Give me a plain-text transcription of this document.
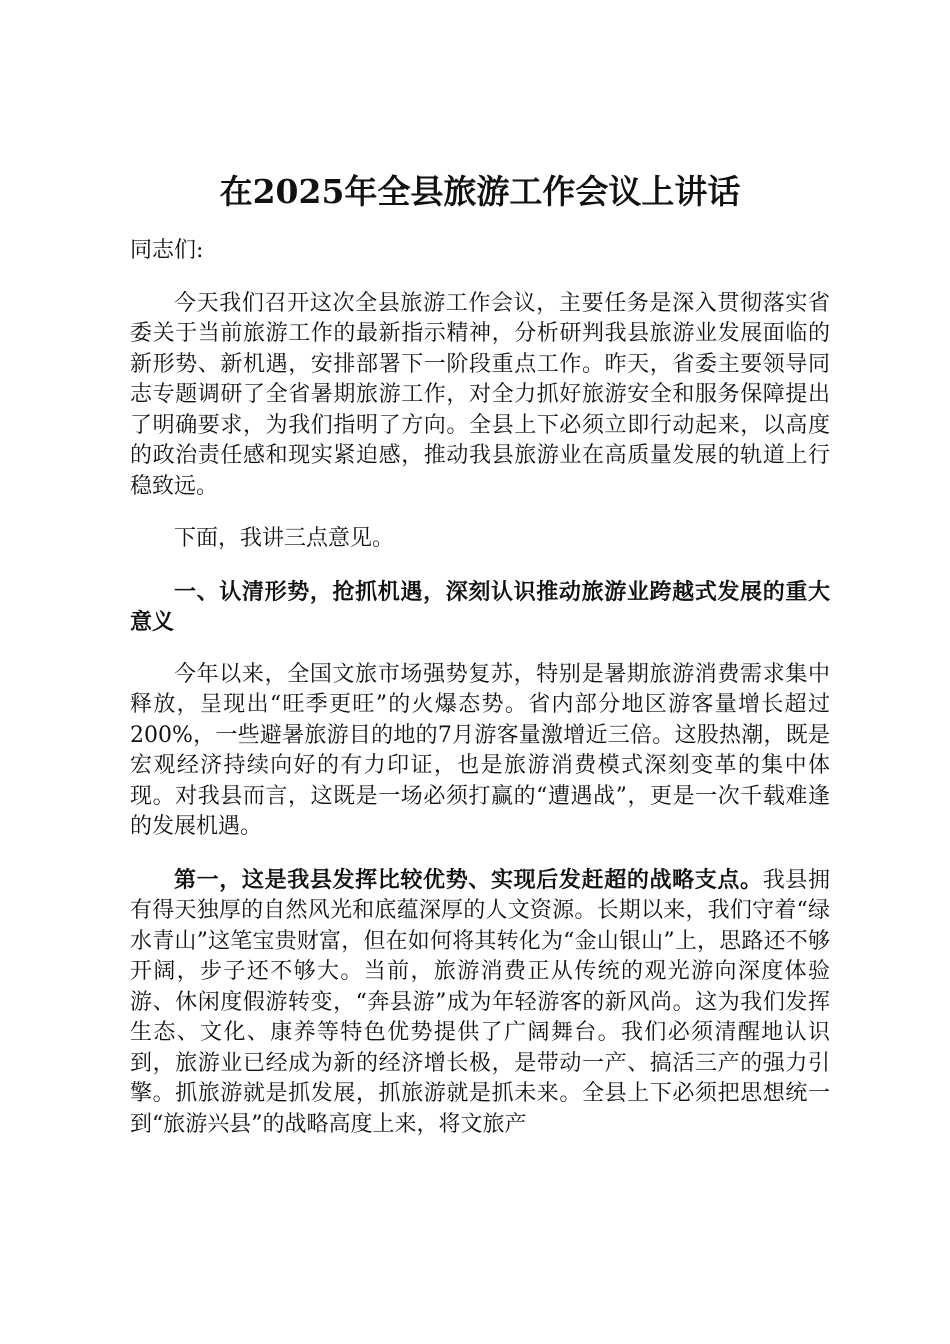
在2025年全县旅游工作会议上讲话

同志们:

今天我们召开这次全县旅游工作会议，主要任务是深入贯彻落实省委关于当前旅游工作的最新指示精神，分析研判我县旅游业发展面临的新形势、新机遇，安排部署下一阶段重点工作。昨天，省委主要领导同志专题调研了全省暑期旅游工作，对全力抓好旅游安全和服务保障提出了明确要求，为我们指明了方向。全县上下必须立即行动起来，以高度的政治责任感和现实紧迫感，推动我县旅游业在高质量发展的轨道上行稳致远。

下面，我讲三点意见。

一、认清形势，抢抓机遇，深刻认识推动旅游业跨越式发展的重大意义

今年以来，全国文旅市场强势复苏，特别是暑期旅游消费需求集中释放，呈现出“旺季更旺”的火爆态势。省内部分地区游客量增长超过200%，一些避暑旅游目的地的7月游客量激增近三倍。这股热潮，既是宏观经济持续向好的有力印证，也是旅游消费模式深刻变革的集中体现。对我县而言，这既是一场必须打赢的“遭遇战”，更是一次千载难逢的发展机遇。

第一，这是我县发挥比较优势、实现后发赶超的战略支点。我县拥有得天独厚的自然风光和底蕴深厚的人文资源。长期以来，我们守着“绿水青山”这笔宝贵财富，但在如何将其转化为“金山银山”上，思路还不够开阔，步子还不够大。当前，旅游消费正从传统的观光游向深度体验游、休闲度假游转变，“奔县游”成为年轻游客的新风尚。这为我们发挥生态、文化、康养等特色优势提供了广阔舞台。我们必须清醒地认识到，旅游业已经成为新的经济增长极，是带动一产、搞活三产的强力引擎。抓旅游就是抓发展，抓旅游就是抓未来。全县上下必须把思想统一到“旅游兴县”的战略高度上来，将文旅产
